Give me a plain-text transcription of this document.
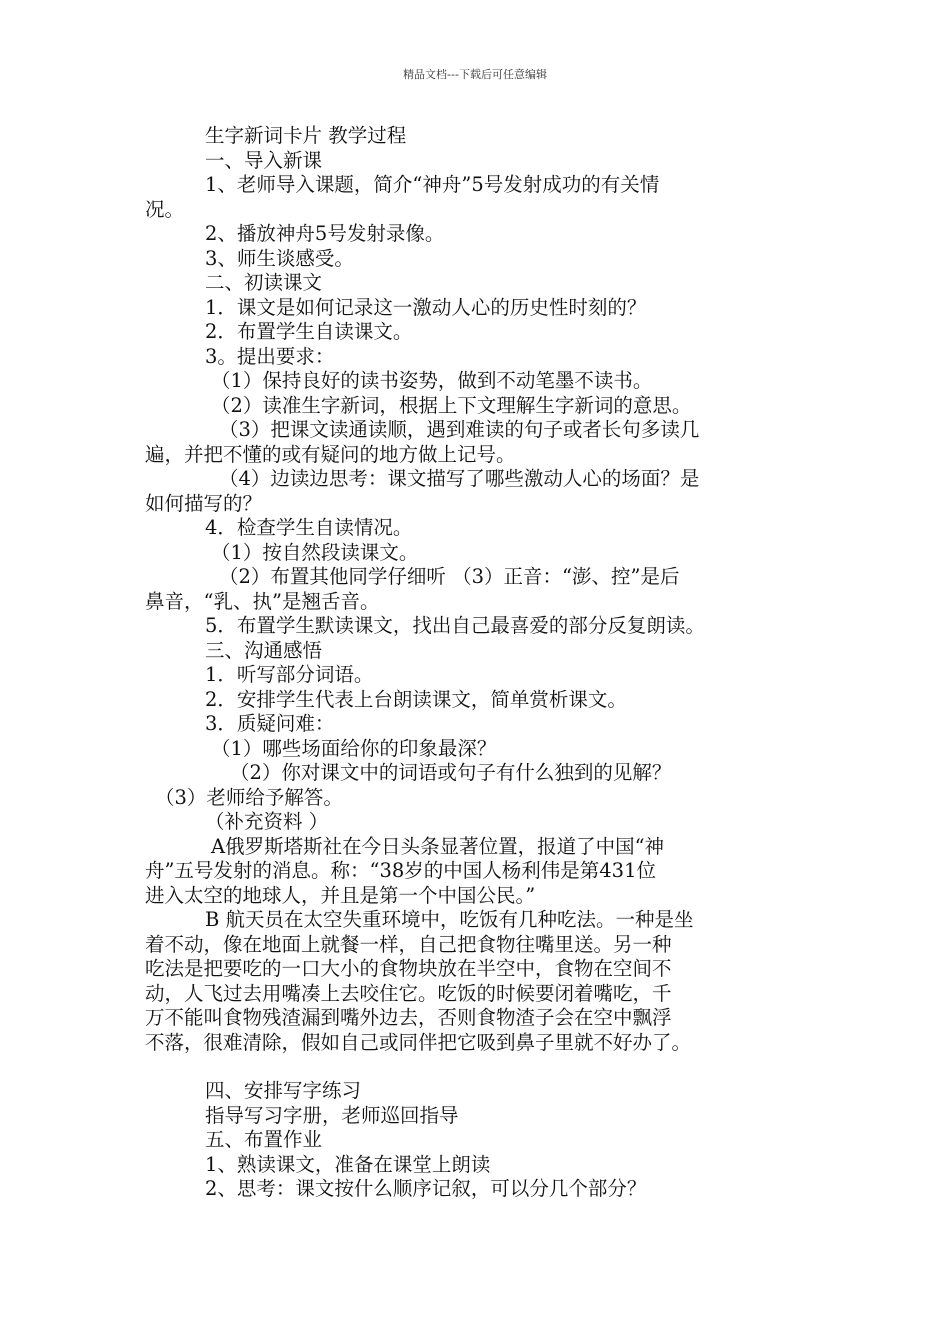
精品文档---下载后可任意编辑
生字新词卡片 教学过程
一、导入新课
1、老师导入课题，简介“神舟”5号发射成功的有关情
况。
2、播放神舟5号发射录像。
3、师生谈感受。
二、初读课文
1．课文是如何记录这一激动人心的历史性时刻的？
2．布置学生自读课文。
3。提出要求：
（1）保持良好的读书姿势，做到不动笔墨不读书。
（2）读准生字新词，根据上下文理解生字新词的意思。
（3）把课文读通读顺，遇到难读的句子或者长句多读几
遍，并把不懂的或有疑问的地方做上记号。
（4）边读边思考：课文描写了哪些激动人心的场面？是
如何描写的？
4．检查学生自读情况。
（1）按自然段读课文。
（2）布置其他同学仔细听 （3）正音：“澎、控”是后
鼻音，“乳、执”是翘舌音。
5．布置学生默读课文，找出自己最喜爱的部分反复朗读。
三、沟通感悟
1．听写部分词语。
2．安排学生代表上台朗读课文，简单赏析课文。
3．质疑问难：
（1）哪些场面给你的印象最深？
（2）你对课文中的词语或句子有什么独到的见解？
（3）老师给予解答。
（补充资料 ）
A俄罗斯塔斯社在今日头条显著位置，报道了中国“神
舟”五号发射的消息。称：“38岁的中国人杨利伟是第431位
进入太空的地球人，并且是第一个中国公民。”
B 航天员在太空失重环境中，吃饭有几种吃法。一种是坐
着不动，像在地面上就餐一样，自己把食物往嘴里送。另一种
吃法是把要吃的一口大小的食物块放在半空中，食物在空间不
动，人飞过去用嘴凑上去咬住它。吃饭的时候要闭着嘴吃，千
万不能叫食物残渣漏到嘴外边去，否则食物渣子会在空中飘浮
不落，很难清除，假如自己或同伴把它吸到鼻子里就不好办了。
四、安排写字练习
指导写习字册，老师巡回指导
五、布置作业
1、熟读课文，准备在课堂上朗读
2、思考：课文按什么顺序记叙，可以分几个部分？
